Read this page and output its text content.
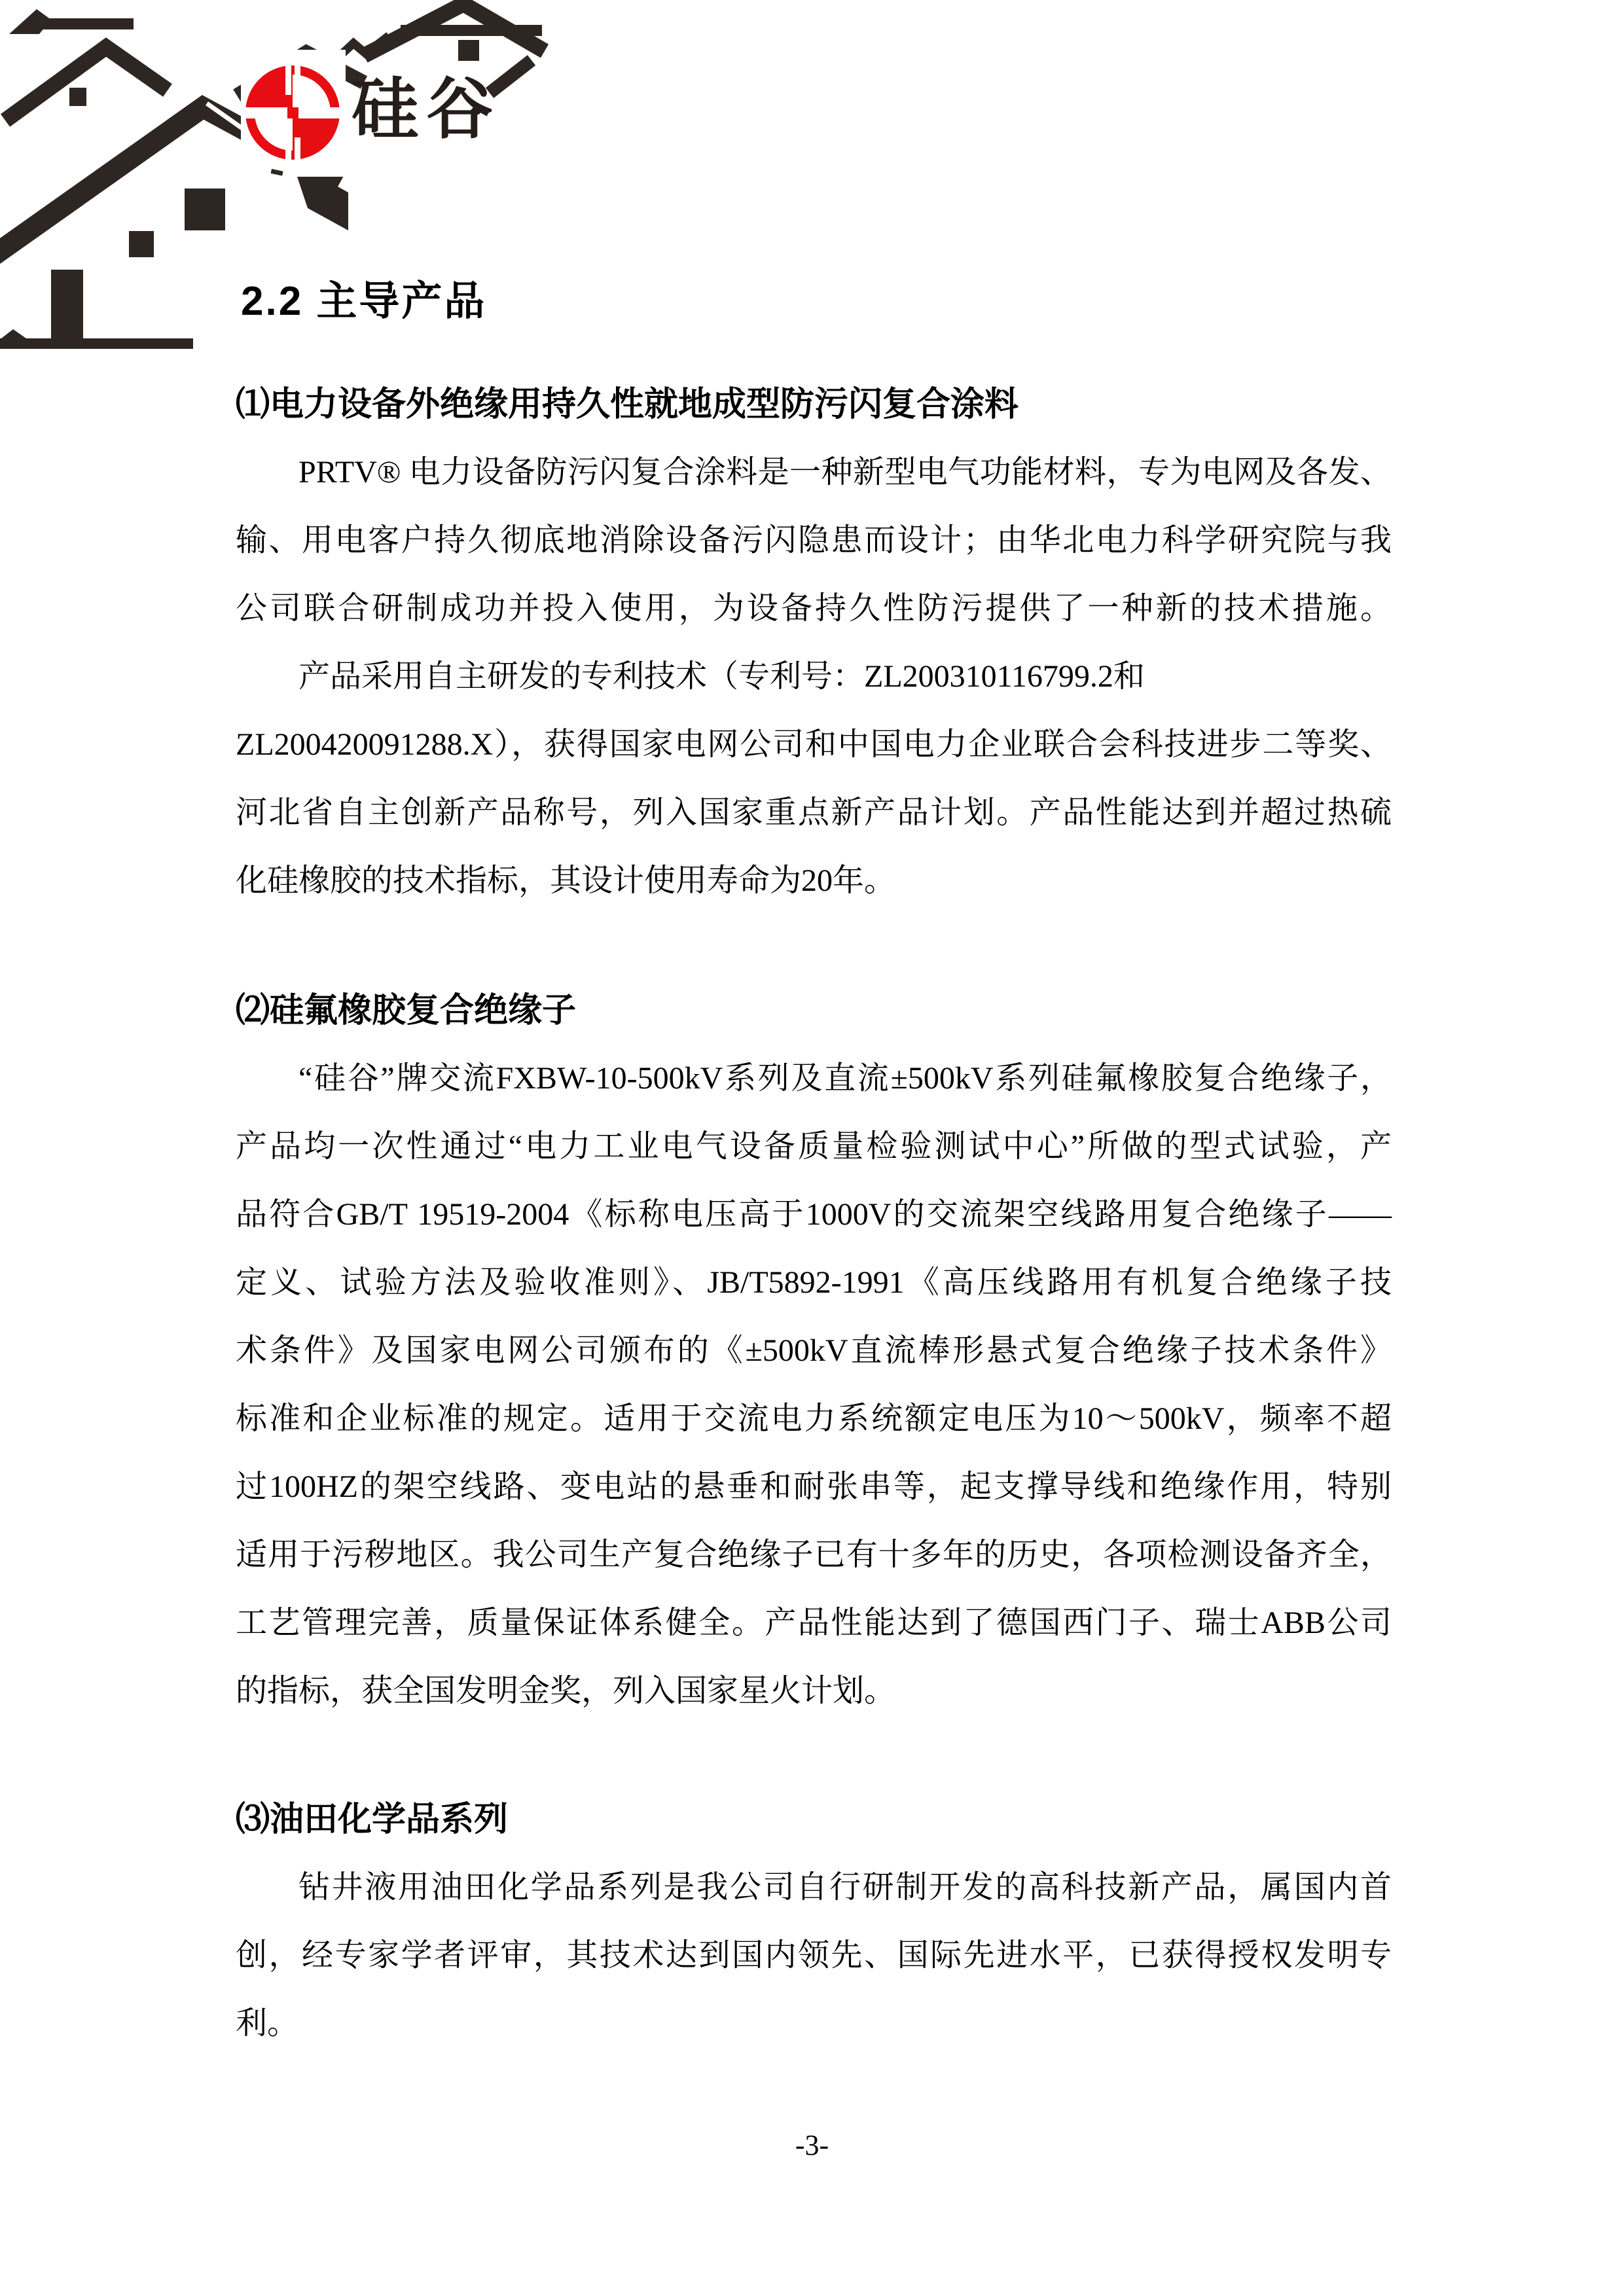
硅谷
2.2 主导产品
⑴电力设备外绝缘用持久性就地成型防污闪复合涂料
PRTV® 电力设备防污闪复合涂料是一种新型电气功能材料，专为电网及各发、
输、用电客户持久彻底地消除设备污闪隐患而设计；由华北电力科学研究院与我
公司联合研制成功并投入使用，为设备持久性防污提供了一种新的技术措施。
产品采用自主研发的专利技术（专利号：ZL200310116799.2和
ZL200420091288.X），获得国家电网公司和中国电力企业联合会科技进步二等奖、
河北省自主创新产品称号，列入国家重点新产品计划。产品性能达到并超过热硫
化硅橡胶的技术指标，其设计使用寿命为20年。
⑵硅氟橡胶复合绝缘子
“硅谷”牌交流FXBW-10-500kV系列及直流±500kV系列硅氟橡胶复合绝缘子，
产品均一次性通过“电力工业电气设备质量检验测试中心”所做的型式试验，产
品符合GB/T 19519-2004《标称电压高于1000V的交流架空线路用复合绝缘子——
定义、试验方法及验收准则》、JB/T5892-1991《高压线路用有机复合绝缘子技
术条件》及国家电网公司颁布的《±500kV直流棒形悬式复合绝缘子技术条件》
标准和企业标准的规定。适用于交流电力系统额定电压为10～500kV，频率不超
过100HZ的架空线路、变电站的悬垂和耐张串等，起支撑导线和绝缘作用，特别
适用于污秽地区。我公司生产复合绝缘子已有十多年的历史，各项检测设备齐全，
工艺管理完善，质量保证体系健全。产品性能达到了德国西门子、瑞士ABB公司
的指标，获全国发明金奖，列入国家星火计划。
⑶油田化学品系列
钻井液用油田化学品系列是我公司自行研制开发的高科技新产品，属国内首
创，经专家学者评审，其技术达到国内领先、国际先进水平，已获得授权发明专
利。
-3-
